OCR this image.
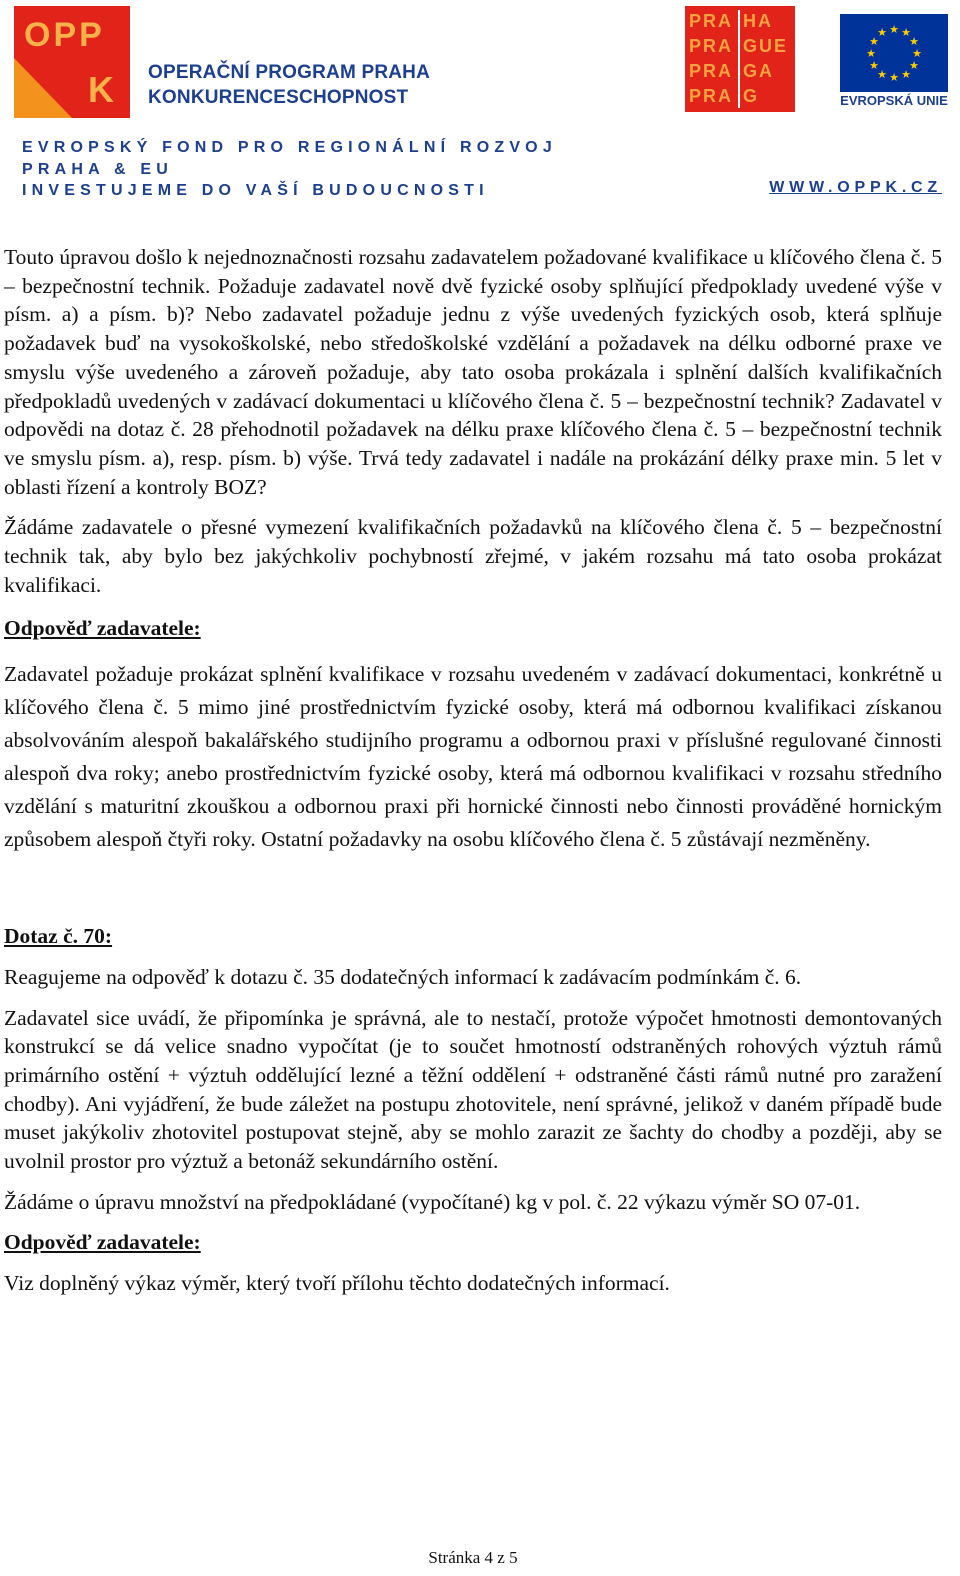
OPP
K OPERAČNÍ PROGRAM PRAHA
KONKURENCESCHOPNOST
PRA HA
PRA GUE
PRA GA
PRA G
★ ★
★
★
★
★
★
★
★
★
★
★
EVROPSKÁ UNIE
EVROPSKÝ FOND PRO REGIONÁLNÍ ROZVOJ
PRAHA & EU
INVESTUJEME DO VAŠÍ BUDOUCNOSTI	WWW.OPPK.CZ

Touto úpravou došlo k nejednoznačnosti rozsahu zadavatelem požadované kvalifikace u klíčového člena č. 5 – bezpečnostní technik. Požaduje zadavatel nově dvě fyzické osoby splňující předpoklady uvedené výše v písm. a) a písm. b)? Nebo zadavatel požaduje jednu z výše uvedených fyzických osob, která splňuje požadavek buď na vysokoškolské, nebo středoškolské vzdělání a požadavek na délku odborné praxe ve smyslu výše uvedeného a zároveň požaduje, aby tato osoba prokázala i splnění dalších kvalifikačních předpokladů uvedených v zadávací dokumentaci u klíčového člena č. 5 – bezpečnostní technik? Zadavatel v odpovědi na dotaz č. 28 přehodnotil požadavek na délku praxe klíčového člena č. 5 – bezpečnostní technik ve smyslu písm. a), resp. písm. b) výše. Trvá tedy zadavatel i nadále na prokázání délky praxe min. 5 let v oblasti řízení a kontroly BOZ?

Žádáme zadavatele o přesné vymezení kvalifikačních požadavků na klíčového člena č. 5 – bezpečnostní technik tak, aby bylo bez jakýchkoliv pochybností zřejmé, v jakém rozsahu má tato osoba prokázat kvalifikaci.

Odpověď zadavatele:

Zadavatel požaduje prokázat splnění kvalifikace v rozsahu uvedeném v zadávací dokumentaci, konkrétně u klíčového člena č. 5 mimo jiné prostřednictvím fyzické osoby, která má odbornou kvalifikaci získanou absolvováním alespoň bakalářského studijního programu a odbornou praxi v příslušné regulované činnosti alespoň dva roky; anebo prostřednictvím fyzické osoby, která má odbornou kvalifikaci v rozsahu středního vzdělání s maturitní zkouškou a odbornou praxi při hornické činnosti nebo činnosti prováděné hornickým způsobem alespoň čtyři roky. Ostatní požadavky na osobu klíčového člena č. 5 zůstávají nezměněny.

Dotaz č. 70:

Reagujeme na odpověď k dotazu č. 35 dodatečných informací k zadávacím podmínkám č. 6.

Zadavatel sice uvádí, že připomínka je správná, ale to nestačí, protože výpočet hmotnosti demontovaných konstrukcí se dá velice snadno vypočítat (je to součet hmotností odstraněných rohových výztuh rámů primárního ostění + výztuh oddělující lezné a těžní oddělení + odstraněné části rámů nutné pro zaražení chodby). Ani vyjádření, že bude záležet na postupu zhotovitele, není správné, jelikož v daném případě bude muset jakýkoliv zhotovitel postupovat stejně, aby se mohlo zarazit ze šachty do chodby a později, aby se uvolnil prostor pro výztuž a betonáž sekundárního ostění.

Žádáme o úpravu množství na předpokládané (vypočítané) kg v pol. č. 22 výkazu výměr SO 07-01.

Odpověď zadavatele:

Viz doplněný výkaz výměr, který tvoří přílohu těchto dodatečných informací.

Stránka 4 z 5
